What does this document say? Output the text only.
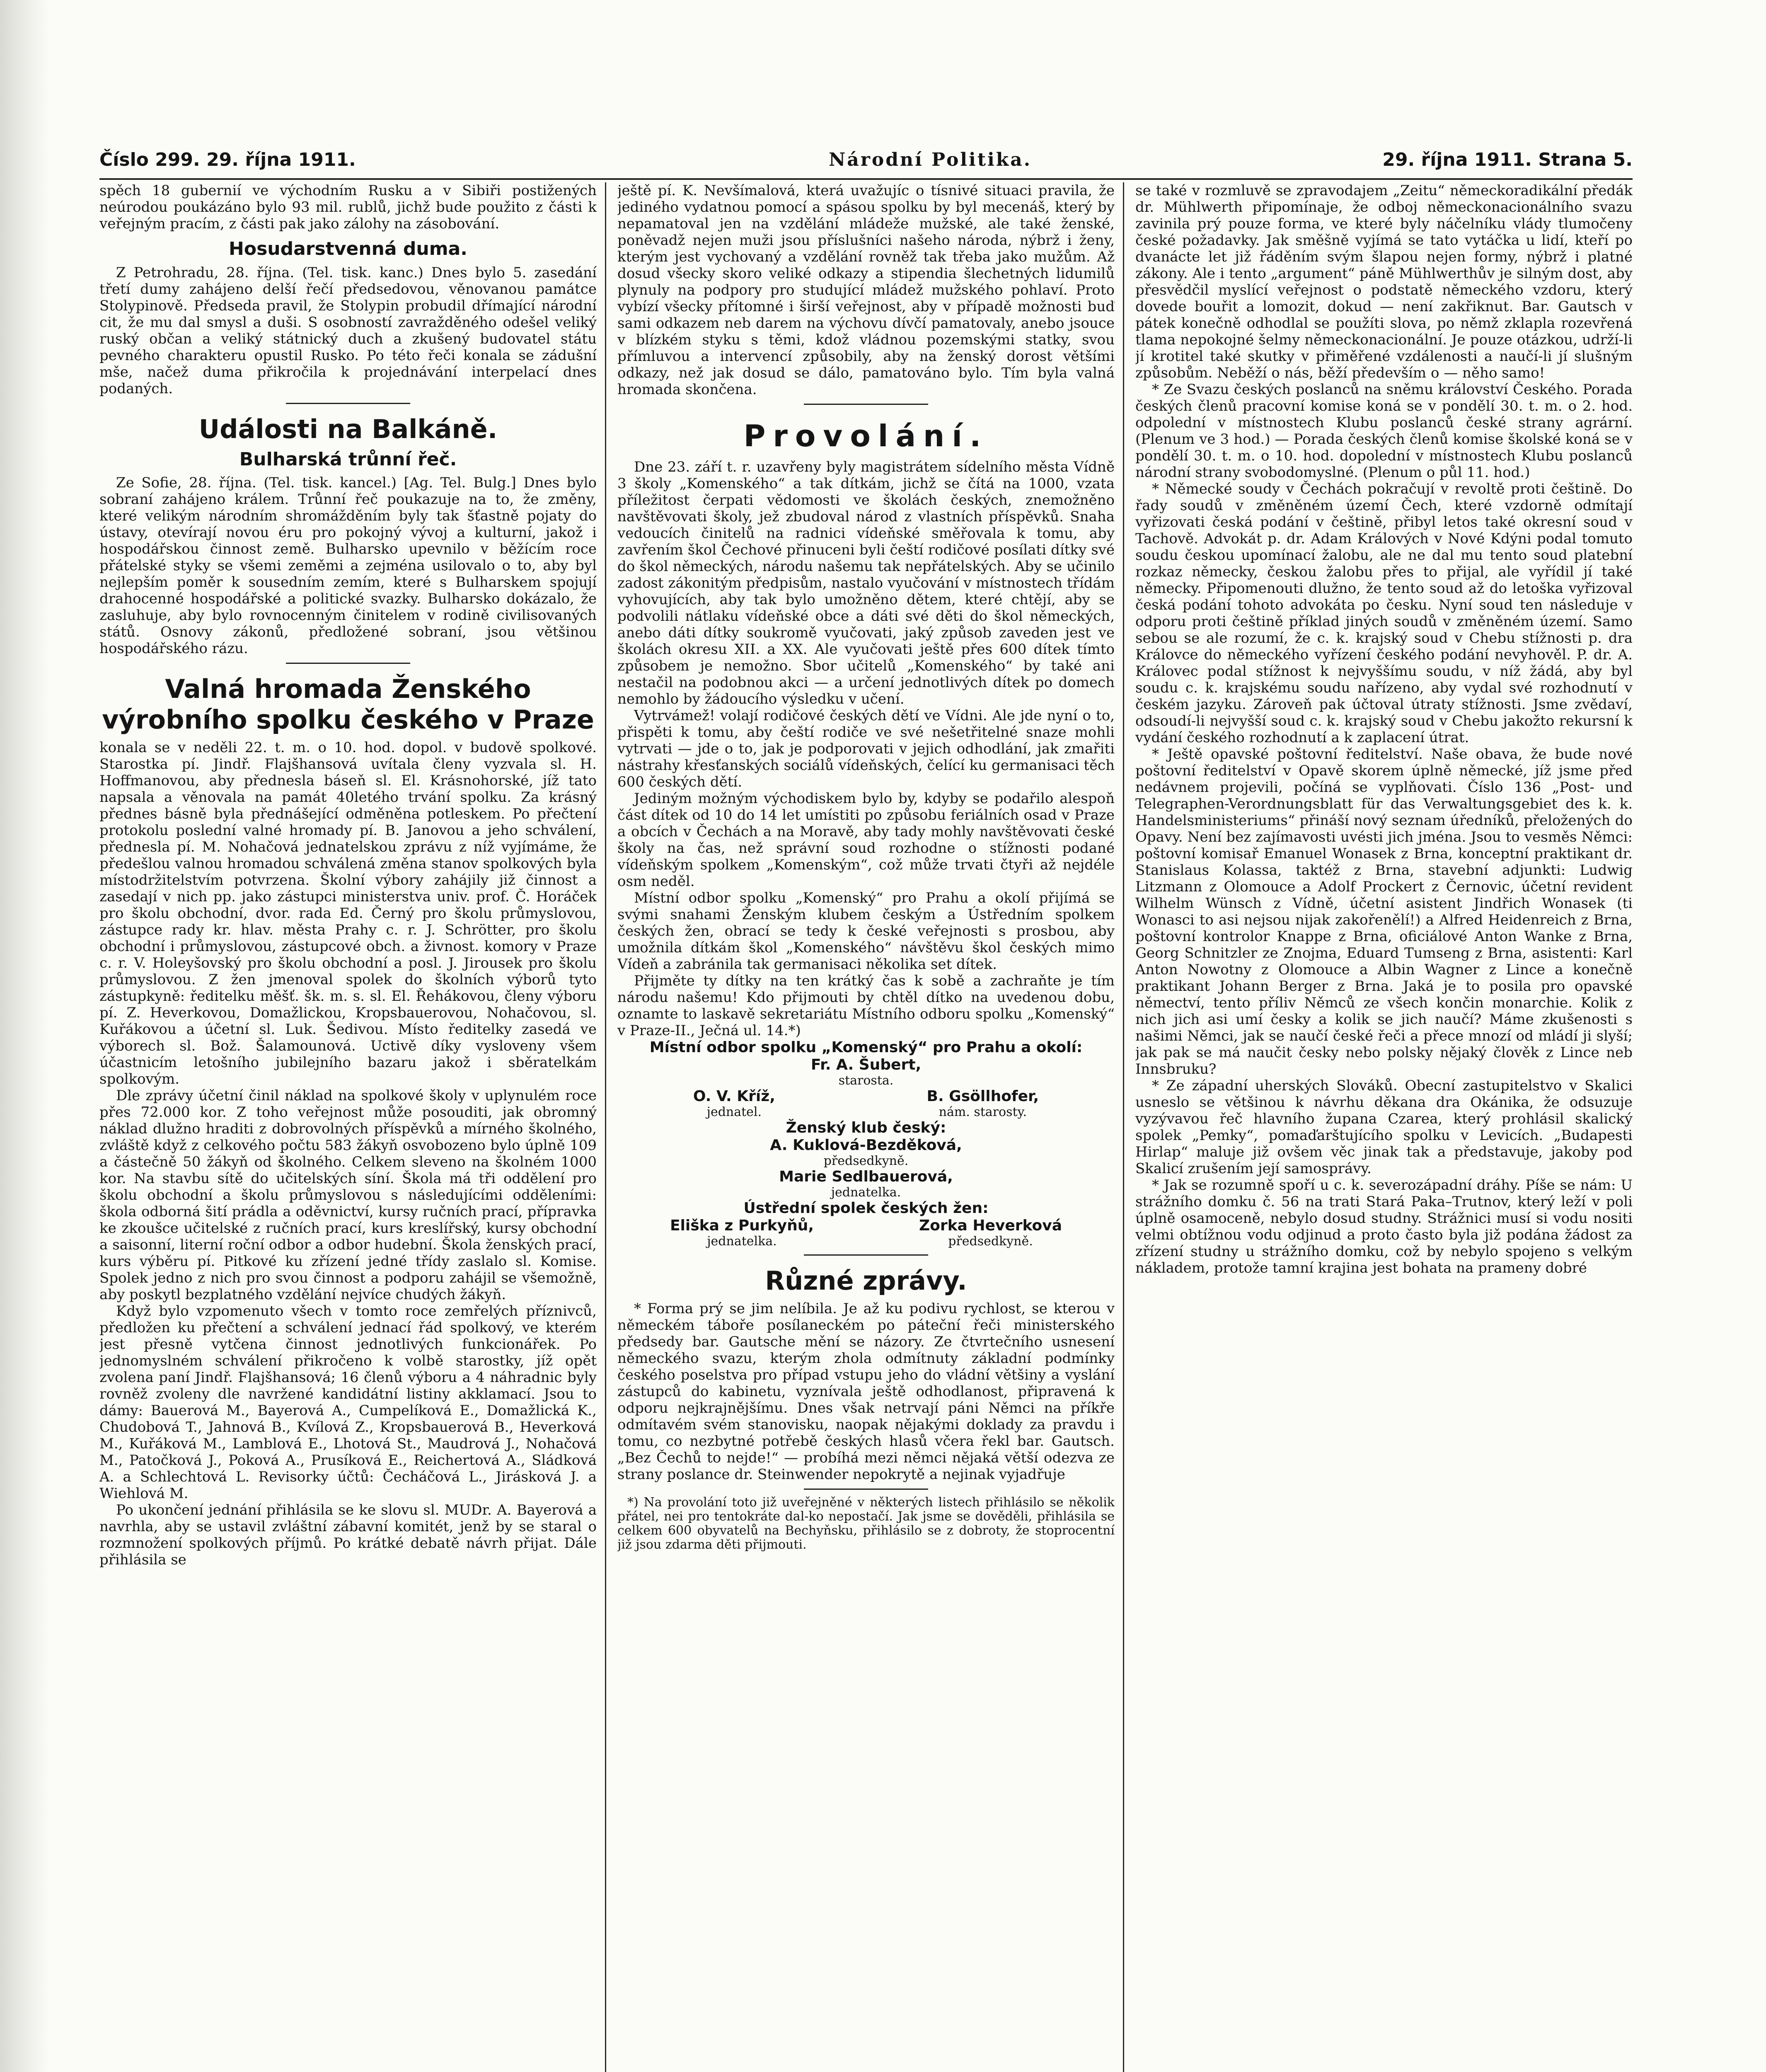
Číslo 299. 29. října 1911.	Národní Politika.	29. října 1911. Strana 5.

spěch 18 gubernií ve východním Rusku a v Sibiři postižených neúrodou poukázáno bylo 93 mil. rublů, jichž bude použito z části k veřejným pracím, z části pak jako zálohy na zásobování.

Hosudarstvenná duma.

Z Petrohradu, 28. října. (Tel. tisk. kanc.) Dnes bylo 5. zasedání třetí dumy zahájeno delší řečí předsedovou, věnovanou památce Stolypinově. Předseda pravil, že Stolypin probudil dřímající národní cit, že mu dal smysl a duši. S osobností zavražděného odešel veliký ruský občan a veliký státnický duch a zkušený budovatel státu pevného charakteru opustil Rusko. Po této řeči konala se zádušní mše, načež duma přikročila k projednávání interpelací dnes podaných.

Události na Balkáně.
Bulharská trůnní řeč.

Ze Sofie, 28. října. (Tel. tisk. kancel.) [Ag. Tel. Bulg.] Dnes bylo sobraní zahájeno králem. Trůnní řeč poukazuje na to, že změny, které velikým národním shromážděním byly tak šťastně pojaty do ústavy, otevírají novou éru pro pokojný vývoj a kulturní, jakož i hospodářskou činnost země. Bulharsko upevnilo v běžícím roce přátelské styky se všemi zeměmi a zejména usilovalo o to, aby byl nejlepším poměr k sousedním zemím, které s Bulharskem spojují drahocenné hospodářské a politické svazky. Bulharsko dokázalo, že zasluhuje, aby bylo rovnocenným činitelem v rodině civilisovaných států. Osnovy zákonů, předložené sobraní, jsou většinou hospodářského rázu.

Valná hromada Ženského výrobního spolku českého v Praze

konala se v neděli 22. t. m. o 10. hod. dopol. v budově spolkové. Starostka pí. Jindř. Flajšhansová uvítala členy vyzvala sl. H. Hoffmanovou, aby přednesla báseň sl. El. Krásnohorské, jíž tato napsala a věnovala na památ 40letého trvání spolku. Za krásný přednes básně byla přednášející odměněna potleskem. Po přečtení protokolu poslední valné hromady pí. B. Janovou a jeho schválení, přednesla pí. M. Nohačová jednatelskou zprávu z níž vyjímáme, že předešlou valnou hromadou schválená změna stanov spolkových byla místodržitelstvím potvrzena. Školní výbory zahájily již činnost a zasedají v nich pp. jako zástupci ministerstva univ. prof. Č. Horáček pro školu obchodní, dvor. rada Ed. Černý pro školu průmyslovou, zástupce rady kr. hlav. města Prahy c. r. J. Schrötter, pro školu obchodní i průmyslovou, zástupcové obch. a živnost. komory v Praze c. r. V. Holeyšovský pro školu obchodní a posl. J. Jirousek pro školu průmyslovou. Z žen jmenoval spolek do školních výborů tyto zástupkyně: ředitelku měšť. šk. m. s. sl. El. Řehákovou, členy výboru pí. Z. Heverkovou, Domažlickou, Kropsbauerovou, Nohačovou, sl. Kuřákovou a účetní sl. Luk. Šedivou. Místo ředitelky zasedá ve výborech sl. Bož. Šalamounová. Uctivě díky vysloveny všem účastnicím letošního jubilejního bazaru jakož i sběratelkám spolkovým.

Dle zprávy účetní činil náklad na spolkové školy v uplynulém roce přes 72.000 kor. Z toho veřejnost může posouditi, jak obromný náklad dlužno hraditi z dobrovolných příspěvků a mírného školného, zvláště když z celkového počtu 583 žákyň osvobozeno bylo úplně 109 a částečně 50 žákyň od školného. Celkem sleveno na školném 1000 kor. Na stavbu sítě do učitelských síní. Škola má tři oddělení pro školu obchodní a školu průmyslovou s následujícími odděleními: škola odborná šití prádla a oděvnictví, kursy ručních prací, přípravka ke zkoušce učitelské z ručních prací, kurs kreslířský, kursy obchodní a saisonní, literní roční odbor a odbor hudební. Škola ženských prací, kurs výběru pí. Pitkové ku zřízení jedné třídy zaslalo sl. Komise. Spolek jedno z nich pro svou činnost a podporu zahájil se všemožně, aby poskytl bezplatného vzdělání nejvíce chudých žákyň.

Když bylo vzpomenuto všech v tomto roce zemřelých příznivců, předložen ku přečtení a schválení jednací řád spolkový, ve kterém jest přesně vytčena činnost jednotlivých funkcionářek. Po jednomyslném schválení přikročeno k volbě starostky, jíž opět zvolena paní Jindř. Flajšhansová; 16 členů výboru a 4 náhradnic byly rovněž zvoleny dle navržené kandidátní listiny akklamací. Jsou to dámy: Bauerová M., Bayerová A., Cumpelíková E., Domažlická K., Chudobová T., Jahnová B., Kvílová Z., Kropsbauerová B., Heverková M., Kuřáková M., Lamblová E., Lhotová St., Maudrová J., Nohačová M., Patočková J., Poková A., Prusíková E., Reichertová A., Sládková A. a Schlechtová L. Revisorky účtů: Čecháčová L., Jirásková J. a Wiehlová M.

Po ukončení jednání přihlásila se ke slovu sl. MUDr. A. Bayerová a navrhla, aby se ustavil zvláštní zábavní komitét, jenž by se staral o rozmnožení spolkových příjmů. Po krátké debatě návrh přijat. Dále přihlásila se

ještě pí. K. Nevšímalová, která uvažujíc o tísnivé situaci pravila, že jediného vydatnou pomocí a spásou spolku by byl mecenáš, který by nepamatoval jen na vzdělání mládeže mužské, ale také ženské, poněvadž nejen muži jsou příslušníci našeho národa, nýbrž i ženy, kterým jest vychovaný a vzdělání rovněž tak třeba jako mužům. Až dosud všecky skoro veliké odkazy a stipendia šlechetných lidumilů plynuly na podpory pro studující mládež mužského pohlaví. Proto vybízí všecky přítomné i širší veřejnost, aby v případě možnosti buď sami odkazem neb darem na výchovu dívčí pamatovaly, anebo jsouce v blízkém styku s těmi, kdož vládnou pozemskými statky, svou přímluvou a intervencí způsobily, aby na ženský dorost většími odkazy, než jak dosud se dálo, pamatováno bylo. Tím byla valná hromada skončena.

Provolání.

Dne 23. září t. r. uzavřeny byly magistrátem sídelního města Vídně 3 školy „Komenského“ a tak dítkám, jichž se čítá na 1000, vzata příležitost čerpati vědomosti ve školách českých, znemožněno navštěvovati školy, jež zbudoval národ z vlastních příspěvků. Snaha vedoucích činitelů na radnici vídeňské směřovala k tomu, aby zavřením škol Čechové přinuceni byli čeští rodičové posílati dítky své do škol německých, národu našemu tak nepřátelských. Aby se učinilo zadost zákonitým předpisům, nastalo vyučování v místnostech třídám vyhovujících, aby tak bylo umožněno dětem, které chtějí, aby se podvolili nátlaku vídeňské obce a dáti své děti do škol německých, anebo dáti dítky soukromě vyučovati, jaký způsob zaveden jest ve školách okresu XII. a XX. Ale vyučovati ještě přes 600 dítek tímto způsobem je nemožno. Sbor učitelů „Komenského“ by také ani nestačil na podobnou akci — a určení jednotlivých dítek po domech nemohlo by žádoucího výsledku v učení.

Vytrvámež! volají rodičové českých dětí ve Vídni. Ale jde nyní o to, přispěti k tomu, aby čeští rodiče ve své nešetřitelné snaze mohli vytrvati — jde o to, jak je podporovati v jejich odhodlání, jak zmařiti nástrahy křesťanských sociálů vídeňských, čelící ku germanisaci těch 600 českých dětí.

Jediným možným východiskem bylo by, kdyby se podařilo alespoň část dítek od 10 do 14 let umístiti po způsobu feriálních osad v Praze a obcích v Čechách a na Moravě, aby tady mohly navštěvovati české školy na čas, než správní soud rozhodne o stížnosti podané vídeňským spolkem „Komenským“, což může trvati čtyři až nejdéle osm neděl.

Místní odbor spolku „Komenský“ pro Prahu a okolí přijímá se svými snahami Ženským klubem českým a Ústředním spolkem českých žen, obrací se tedy k české veřejnosti s prosbou, aby umožnila dítkám škol „Komenského“ návštěvu škol českých mimo Vídeň a zabránila tak germanisaci několika set dítek.

Přijměte ty dítky na ten krátký čas k sobě a zachraňte je tím národu našemu! Kdo přijmouti by chtěl dítko na uvedenou dobu, oznamte to laskavě sekretariátu Místního odboru spolku „Komenský“ v Praze-II., Ječná ul. 14.*)

Místní odbor spolku „Komenský“ pro Prahu a okolí:
Fr. A. Šubert,
starosta.
O. V. Kříž,
jednatel.
B. Gsöllhofer,
nám. starosty.
Ženský klub český:
A. Kuklová-Bezděková,
předsedkyně.
Marie Sedlbauerová,
jednatelka.
Ústřední spolek českých žen:
Eliška z Purkyňů,
jednatelka.
Zorka Heverková
předsedkyně.
Různé zprávy.

* Forma prý se jim nelíbila. Je až ku podivu rychlost, se kterou v německém táboře posílaneckém po páteční řeči ministerského předsedy bar. Gautsche mění se názory. Ze čtvrtečního usnesení německého svazu, kterým zhola odmítnuty základní podmínky českého poselstva pro případ vstupu jeho do vládní většiny a vyslání zástupců do kabinetu, vyznívala ještě odhodlanost, připravená k odporu nejkrajnějšímu. Dnes však netrvají páni Němci na příkře odmítavém svém stanovisku, naopak nějakými doklady za pravdu i tomu, co nezbytné potřebě českých hlasů včera řekl bar. Gautsch. „Bez Čechů to nejde!“ — probíhá mezi němci nějaká větší odezva ze strany poslance dr. Steinwender nepokrytě a nejinak vyjadřuje

*) Na provolání toto již uveřejněné v některých listech přihlásilo se několik přátel, nei pro tentokráte dal-ko nepostačí. Jak jsme se dověděli, přihlásila se celkem 600 obyvatelů na Bechyňsku, přihlásilo se z dobroty, že stoprocentní již jsou zdarma děti přijmouti.

se také v rozmluvě se zpravodajem „Zeitu“ německoradikální předák dr. Mühlwerth připomínaje, že odboj německonacionálního svazu zavinila prý pouze forma, ve které byly náčelníku vlády tlumočeny české požadavky. Jak směšně vyjímá se tato vytáčka u lidí, kteří po dvanácte let již řáděním svým šlapou nejen formy, nýbrž i platné zákony. Ale i tento „argument“ páně Mühlwerthův je silným dost, aby přesvědčil myslící veřejnost o podstatě německého vzdoru, který dovede bouřit a lomozit, dokud — není zakřiknut. Bar. Gautsch v pátek konečně odhodlal se použíti slova, po němž zklapla rozevřená tlama nepokojné šelmy německonacionální. Je pouze otázkou, udrží-li jí krotitel také skutky v přiměřené vzdálenosti a naučí-li jí slušným způsobům. Neběží o nás, běží především o — něho samo!

* Ze Svazu českých poslanců na sněmu království Českého. Porada českých členů pracovní komise koná se v pondělí 30. t. m. o 2. hod. odpolední v místnostech Klubu poslanců české strany agrární. (Plenum ve 3 hod.) — Porada českých členů komise školské koná se v pondělí 30. t. m. o 10. hod. dopolední v místnostech Klubu poslanců národní strany svobodomyslné. (Plenum o půl 11. hod.)

* Německé soudy v Čechách pokračují v revoltě proti češtině. Do řady soudů v změněném území Čech, které vzdorně odmítají vyřizovati česká podání v češtině, přibyl letos také okresní soud v Tachově. Advokát p. dr. Adam Králových v Nové Kdýni podal tomuto soudu českou upomínací žalobu, ale ne dal mu tento soud platební rozkaz německy, českou žalobu přes to přijal, ale vyřídil jí také německy. Připomenouti dlužno, že tento soud až do letoška vyřizoval česká podání tohoto advokáta po česku. Nyní soud ten následuje v odporu proti češtině příklad jiných soudů v změněném území. Samo sebou se ale rozumí, že c. k. krajský soud v Chebu stížnosti p. dra Královce do německého vyřízení českého podání nevyhověl. P. dr. A. Královec podal stížnost k nejvyššímu soudu, v níž žádá, aby byl soudu c. k. krajskému soudu nařízeno, aby vydal své rozhodnutí v českém jazyku. Zároveň pak účtoval útraty stížnosti. Jsme zvědaví, odsoudí-li nejvyšší soud c. k. krajský soud v Chebu jakožto rekursní k vydání českého rozhodnutí a k zaplacení útrat.

* Ještě opavské poštovní ředitelství. Naše obava, že bude nové poštovní ředitelství v Opavě skorem úplně německé, jíž jsme před nedávnem projevili, počíná se vyplňovati. Číslo 136 „Post- und Telegraphen-Verordnungsblatt für das Verwaltungsgebiet des k. k. Handelsministeriums“ přináší nový seznam úředníků, přeložených do Opavy. Není bez zajímavosti uvésti jich jména. Jsou to vesměs Němci: poštovní komisař Emanuel Wonasek z Brna, konceptní praktikant dr. Stanislaus Kolassa, taktéž z Brna, stavební adjunkti: Ludwig Litzmann z Olomouce a Adolf Prockert z Černovic, účetní revident Wilhelm Wünsch z Vídně, účetní asistent Jindřich Wonasek (ti Wonasci to asi nejsou nijak zakořenělí!) a Alfred Heidenreich z Brna, poštovní kontrolor Knappe z Brna, oficiálové Anton Wanke z Brna, Georg Schnitzler ze Znojma, Eduard Tumseng z Brna, asistenti: Karl Anton Nowotny z Olomouce a Albin Wagner z Lince a konečně praktikant Johann Berger z Brna. Jaká je to posila pro opavské němectví, tento příliv Němců ze všech končin monarchie. Kolik z nich jich asi umí česky a kolik se jich naučí? Máme zkušenosti s našimi Němci, jak se naučí české řeči a přece mnozí od mládí ji slyší; jak pak se má naučit česky nebo polsky nějaký člověk z Lince neb Innsbruku?

* Ze západní uherských Slováků. Obecní zastupitelstvo v Skalici usneslo se většinou k návrhu děkana dra Okánika, že odsuzuje vyzývavou řeč hlavního župana Czarea, který prohlásil skalický spolek „Pemky“, pomaďarštujícího spolku v Levicích. „Budapesti Hirlap“ maluje již ovšem věc jinak tak a představuje, jakoby pod Skalicí zrušením její samosprávy.

* Jak se rozumně spoří u c. k. severozápadní dráhy. Píše se nám: U strážního domku č. 56 na trati Stará Paka–Trutnov, který leží v poli úplně osamoceně, nebylo dosud studny. Strážnici musí si vodu nositi velmi obtížnou vodu odjinud a proto často byla již podána žádost za zřízení studny u strážního domku, což by nebylo spojeno s velkým nákladem, protože tamní krajina jest bohata na prameny dobré
